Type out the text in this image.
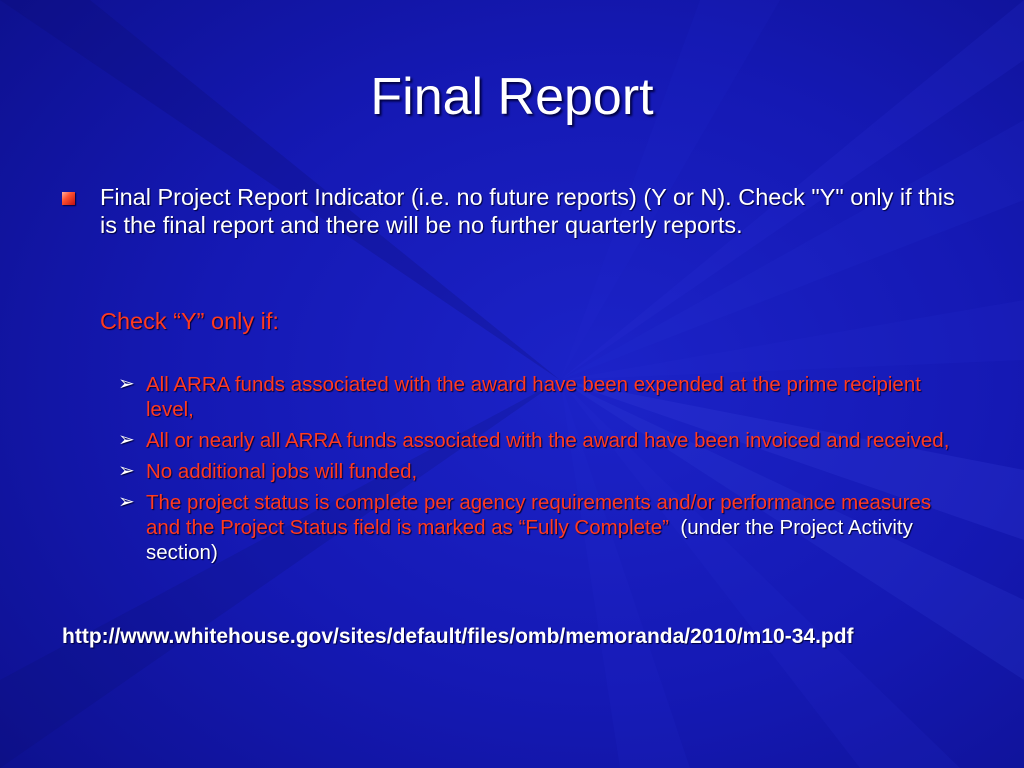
Final Report
Final Project Report Indicator (i.e. no future reports) (Y or N). Check "Y" only if this is the final report and there will be no further quarterly reports.
Check “Y” only if:
➢ All ARRA funds associated with the award have been expended at the prime recipient level,
➢ All or nearly all ARRA funds associated with the award have been invoiced and received,
➢ No additional jobs will funded,
➢ The project status is complete per agency requirements and/or performance measures and the Project Status field is marked as “Fully Complete” (under the Project Activity section)
http://www.whitehouse.gov/sites/default/files/omb/memoranda/2010/m10-34.pdf
